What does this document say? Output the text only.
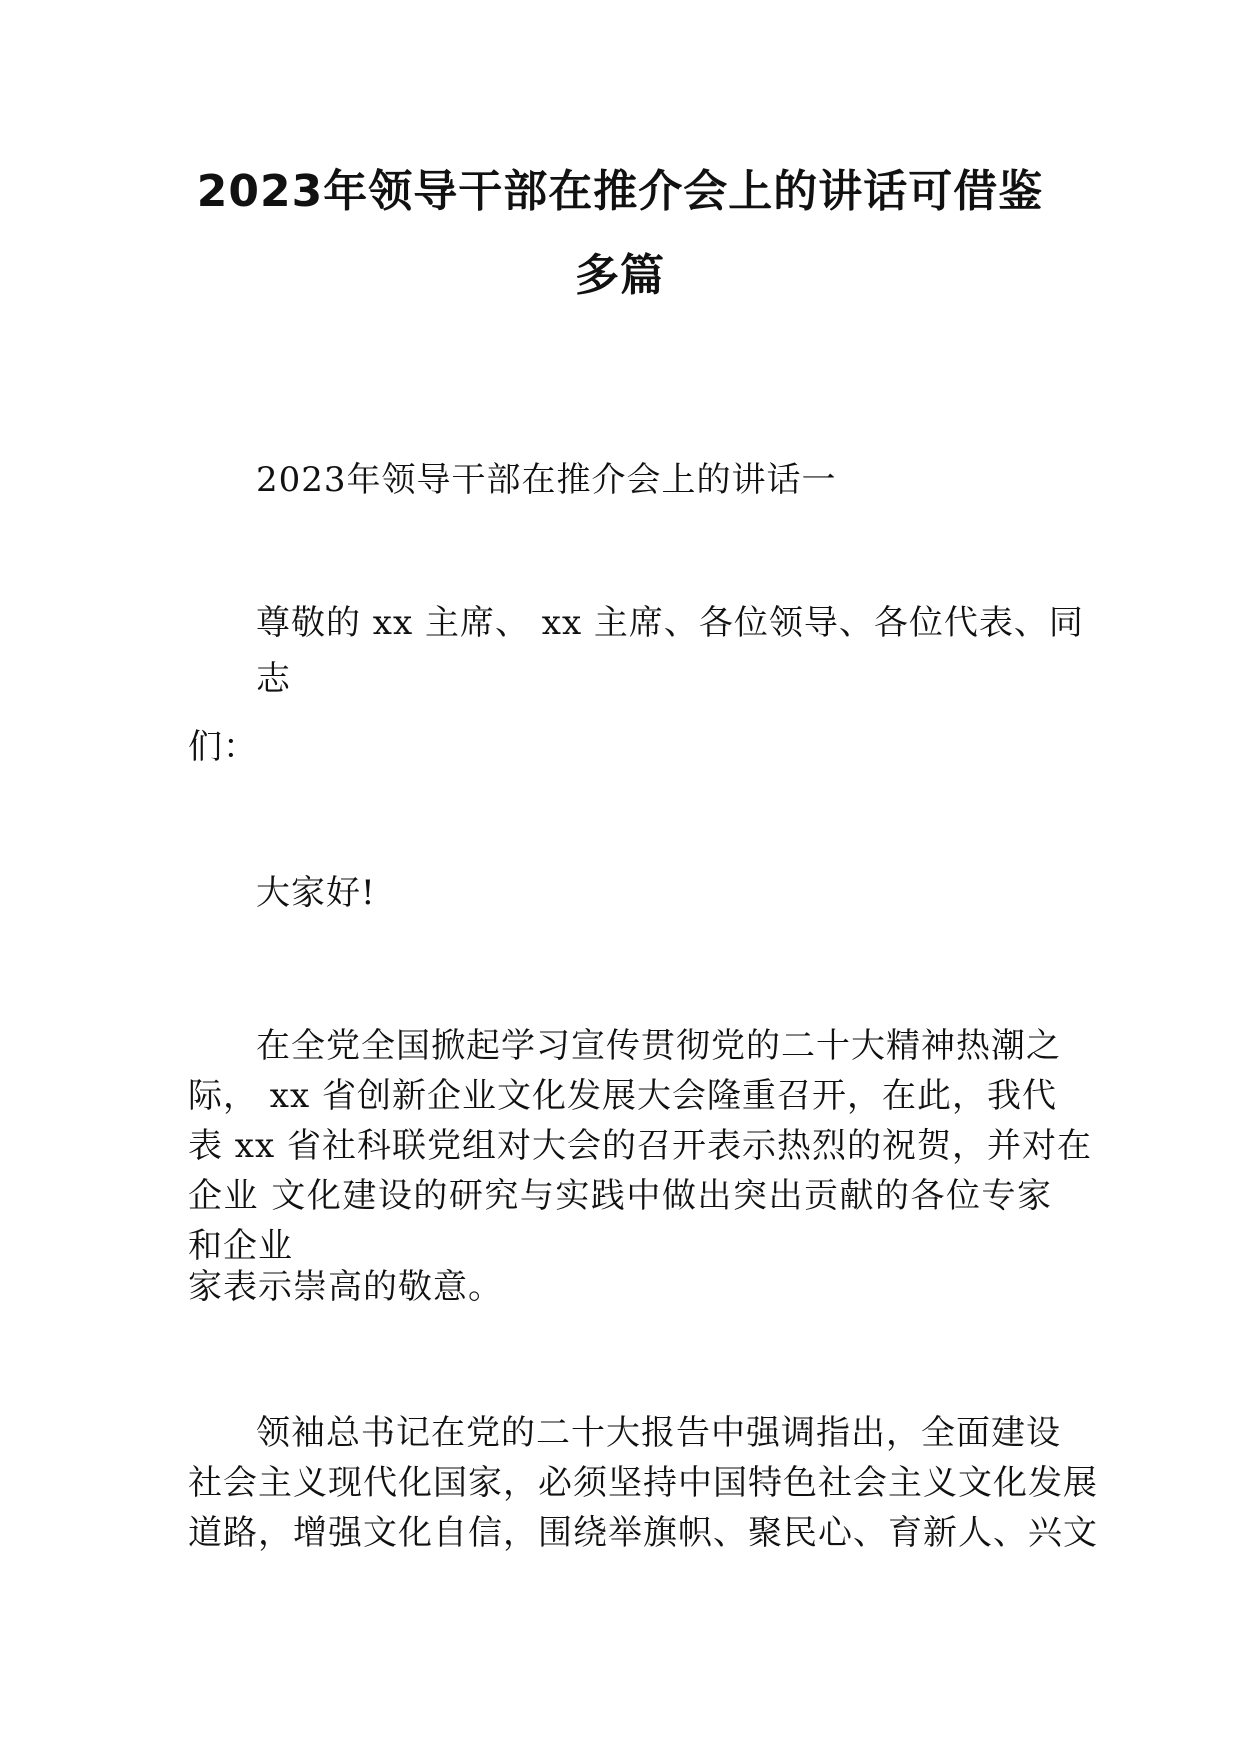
2023年领导干部在推介会上的讲话可借鉴
多篇
2023年领导干部在推介会上的讲话一
尊敬的 xx 主席、 xx 主席、各位领导、各位代表、同
志
们：
大家好!
在全党全国掀起学习宣传贯彻党的二十大精神热潮之
际， xx 省创新企业文化发展大会隆重召开，在此，我代
表 xx 省社科联党组对大会的召开表示热烈的祝贺，并对在
企业 文化建设的研究与实践中做出突出贡献的各位专家
和企业
家表示崇高的敬意。
领袖总书记在党的二十大报告中强调指出，全面建设
社会主义现代化国家，必须坚持中国特色社会主义文化发展
道路，增强文化自信，围绕举旗帜、聚民心、育新人、兴文
